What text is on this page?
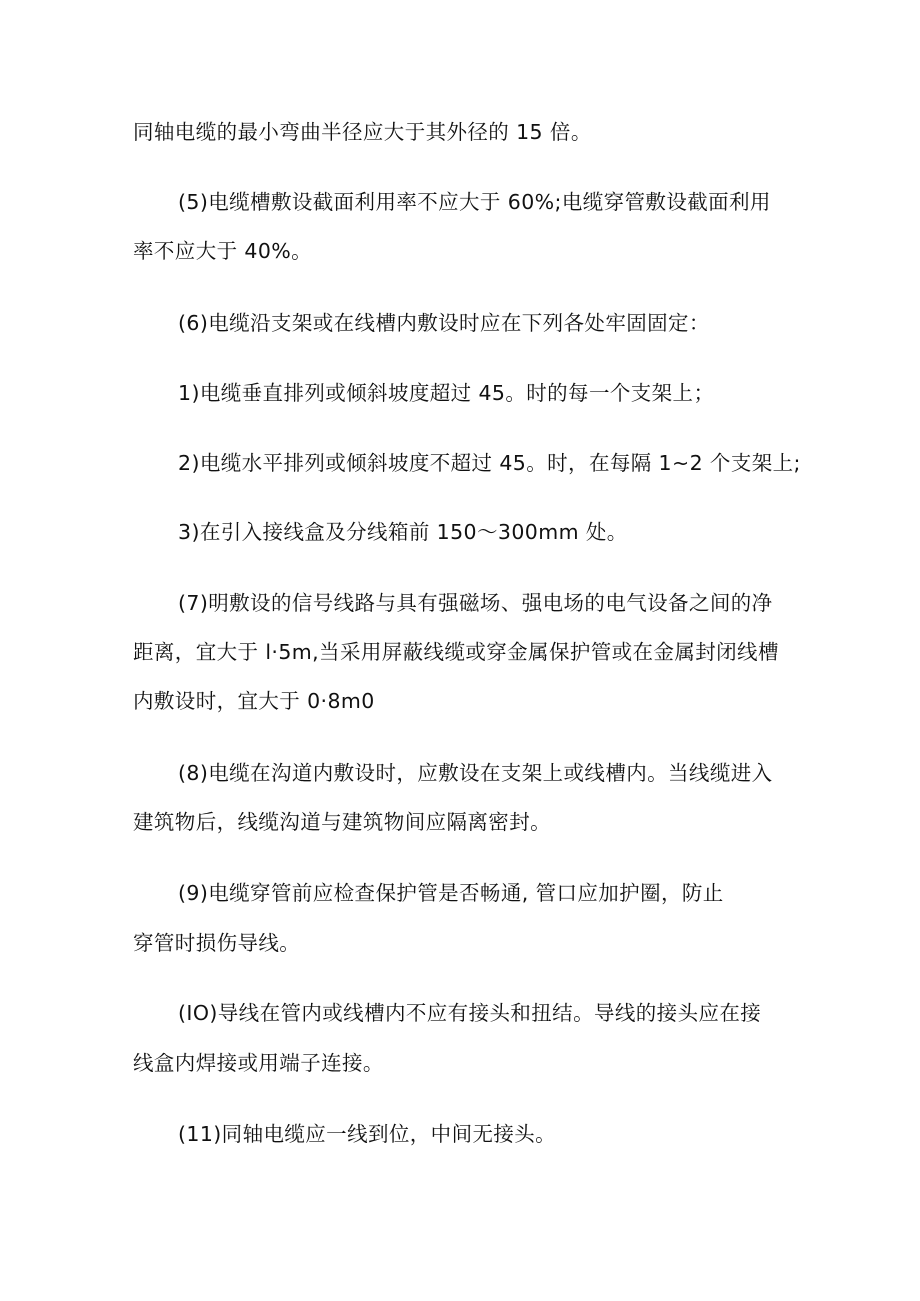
同轴电缆的最小弯曲半径应大于其外径的 15 倍。
(5)电缆槽敷设截面利用率不应大于 60%;电缆穿管敷设截面利用
率不应大于 40%。
(6)电缆沿支架或在线槽内敷设时应在下列各处牢固固定：
1)电缆垂直排列或倾斜坡度超过 45。时的每一个支架上；
2)电缆水平排列或倾斜坡度不超过 45。时，在每隔 1~2 个支架上;
3)在引入接线盒及分线箱前 150～300mm 处。
(7)明敷设的信号线路与具有强磁场、强电场的电气设备之间的净
距离，宜大于 l·5m,当采用屏蔽线缆或穿金属保护管或在金属封闭线槽
内敷设时，宜大于 0·8m0
(8)电缆在沟道内敷设时，应敷设在支架上或线槽内。当线缆进入
建筑物后，线缆沟道与建筑物间应隔离密封。
(9)电缆穿管前应检查保护管是否畅通, 管口应加护圈，防止
穿管时损伤导线。
(IO)导线在管内或线槽内不应有接头和扭结。导线的接头应在接
线盒内焊接或用端子连接。
(11)同轴电缆应一线到位，中间无接头。
